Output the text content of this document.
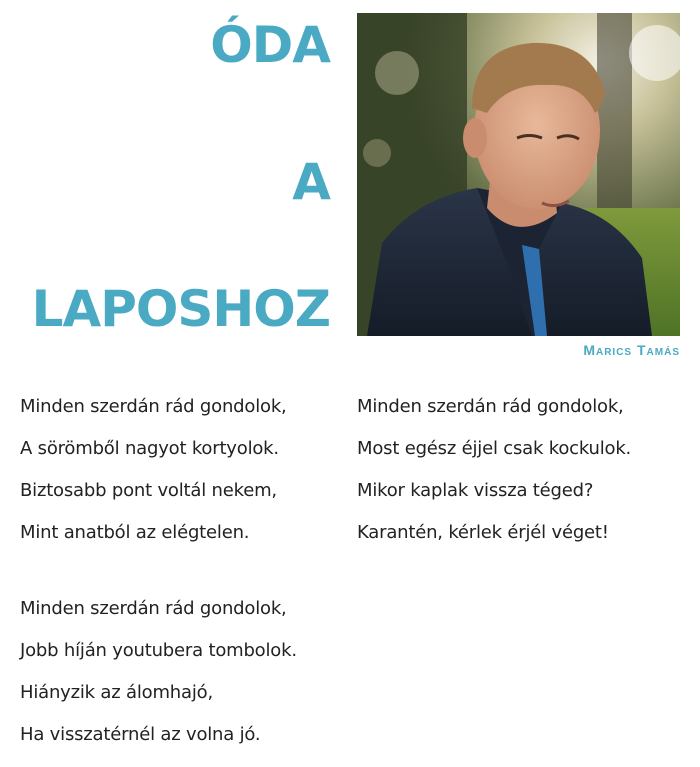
ÓDA
A
LAPOSHOZ
Marics Tamás
Minden szerdán rád gondolok,
A sörömből nagyot kortyolok.
Biztosabb pont voltál nekem,
Mint anatból az elégtelen.
Minden szerdán rád gondolok,
Most egész éjjel csak kockulok.
Mikor kaplak vissza téged?
Karantén, kérlek érjél véget!
Minden szerdán rád gondolok,
Jobb híján youtubera tombolok.
Hiányzik az álomhajó,
Ha visszatérnél az volna jó.
